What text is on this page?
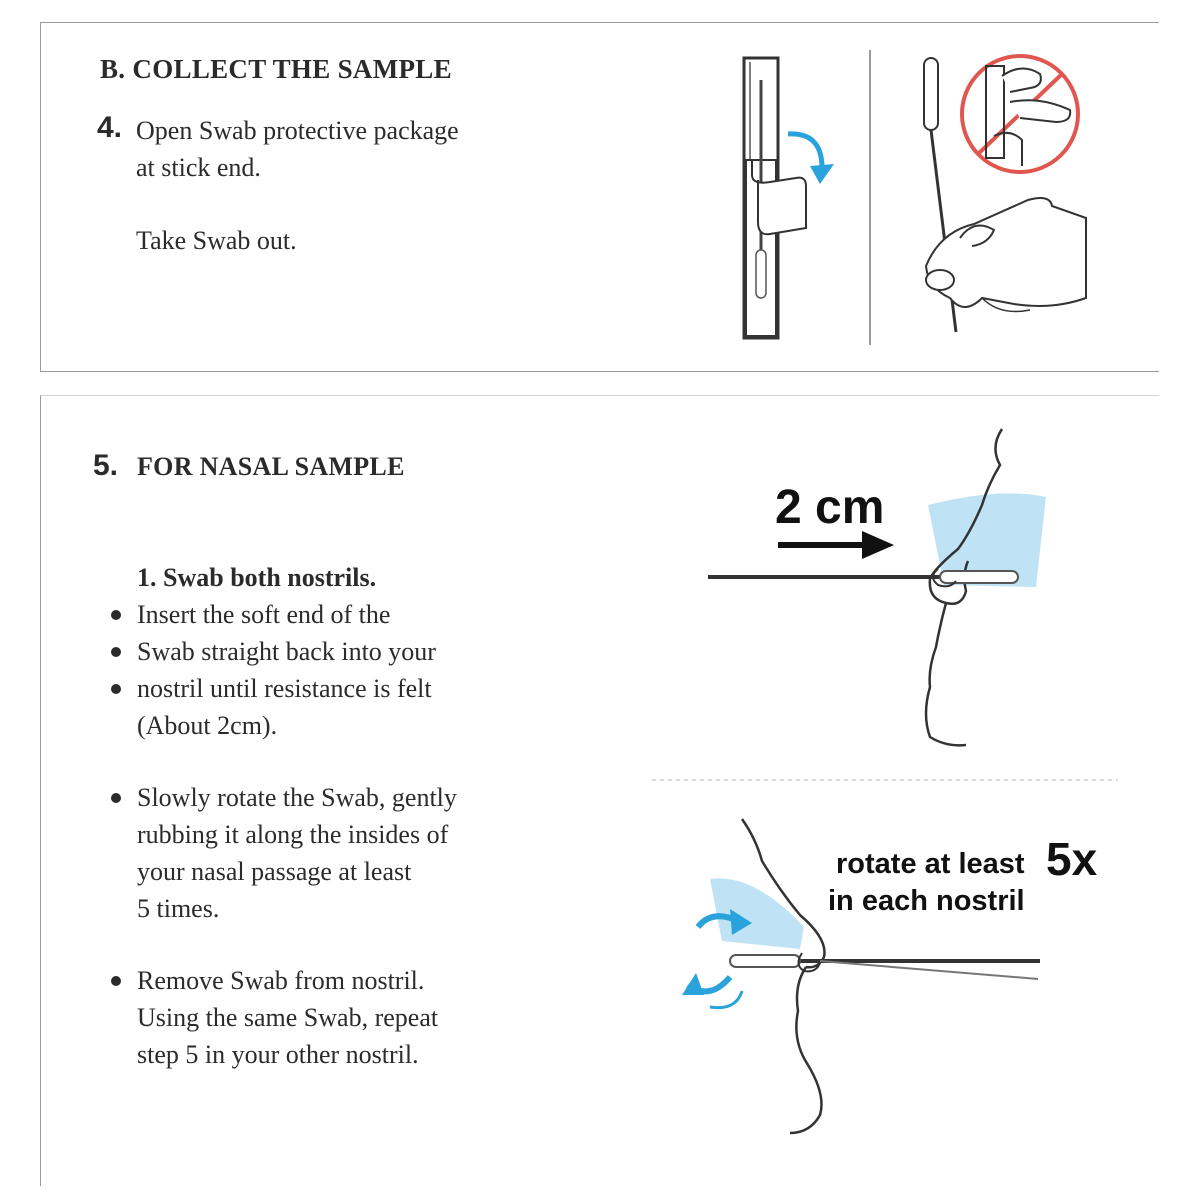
B. COLLECT THE SAMPLE
4. Open Swab protective package
at stick end.
Take Swab out.
5. FOR NASAL SAMPLE
1. Swab both nostrils.
Insert the soft end of the
Swab straight back into your
nostril until resistance is felt
(About 2cm).
Slowly rotate the Swab, gently
rubbing it along the insides of
your nasal passage at least
5 times.
Remove Swab from nostril.
Using the same Swab, repeat
step 5 in your other nostril.
2 cm
rotate at least 5x
in each nostril
